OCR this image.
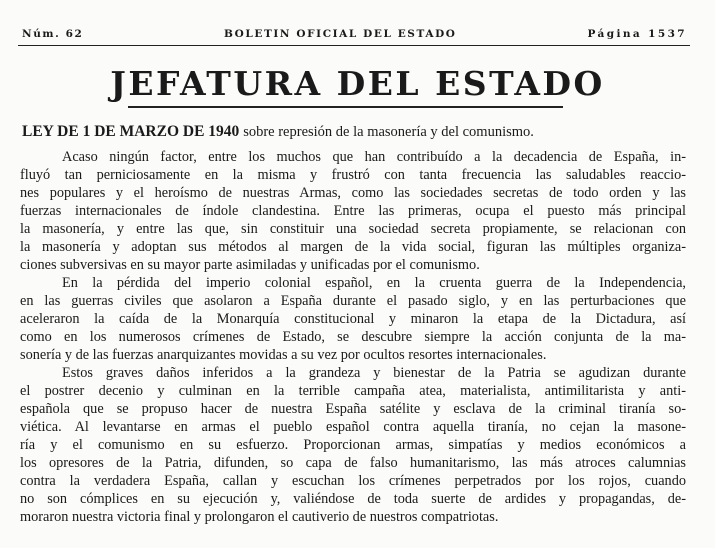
Núm. 62	BOLETIN OFICIAL DEL ESTADO	Página 1537
JEFATURA DEL ESTADO
LEY DE 1 DE MARZO DE 1940 sobre represión de la masonería y del comunismo.
Acaso ningún factor, entre los muchos que han contribuído a la decadencia de España, in-
fluyó tan perniciosamente en la misma y frustró con tanta frecuencia las saludables reaccio-
nes populares y el heroísmo de nuestras Armas, como las sociedades secretas de todo orden y las
fuerzas internacionales de índole clandestina. Entre las primeras, ocupa el puesto más principal
la masonería, y entre las que, sin constituir una sociedad secreta propiamente, se relacionan con
la masonería y adoptan sus métodos al margen de la vida social, figuran las múltiples organiza-
ciones subversivas en su mayor parte asimiladas y unificadas por el comunismo.
En la pérdida del imperio colonial español, en la cruenta guerra de la Independencia,
en las guerras civiles que asolaron a España durante el pasado siglo, y en las perturbaciones que
aceleraron la caída de la Monarquía constitucional y minaron la etapa de la Dictadura, así
como en los numerosos crímenes de Estado, se descubre siempre la acción conjunta de la ma-
sonería y de las fuerzas anarquizantes movidas a su vez por ocultos resortes internacionales.
Estos graves daños inferidos a la grandeza y bienestar de la Patria se agudizan durante
el postrer decenio y culminan en la terrible campaña atea, materialista, antimilitarista y anti-
española que se propuso hacer de nuestra España satélite y esclava de la criminal tiranía so-
viética. Al levantarse en armas el pueblo español contra aquella tiranía, no cejan la masone-
ría y el comunismo en su esfuerzo. Proporcionan armas, simpatías y medios económicos a
los opresores de la Patria, difunden, so capa de falso humanitarismo, las más atroces calumnias
contra la verdadera España, callan y escuchan los crímenes perpetrados por los rojos, cuando
no son cómplices en su ejecución y, valiéndose de toda suerte de ardides y propagandas, de-
moraron nuestra victoria final y prolongaron el cautiverio de nuestros compatriotas.
